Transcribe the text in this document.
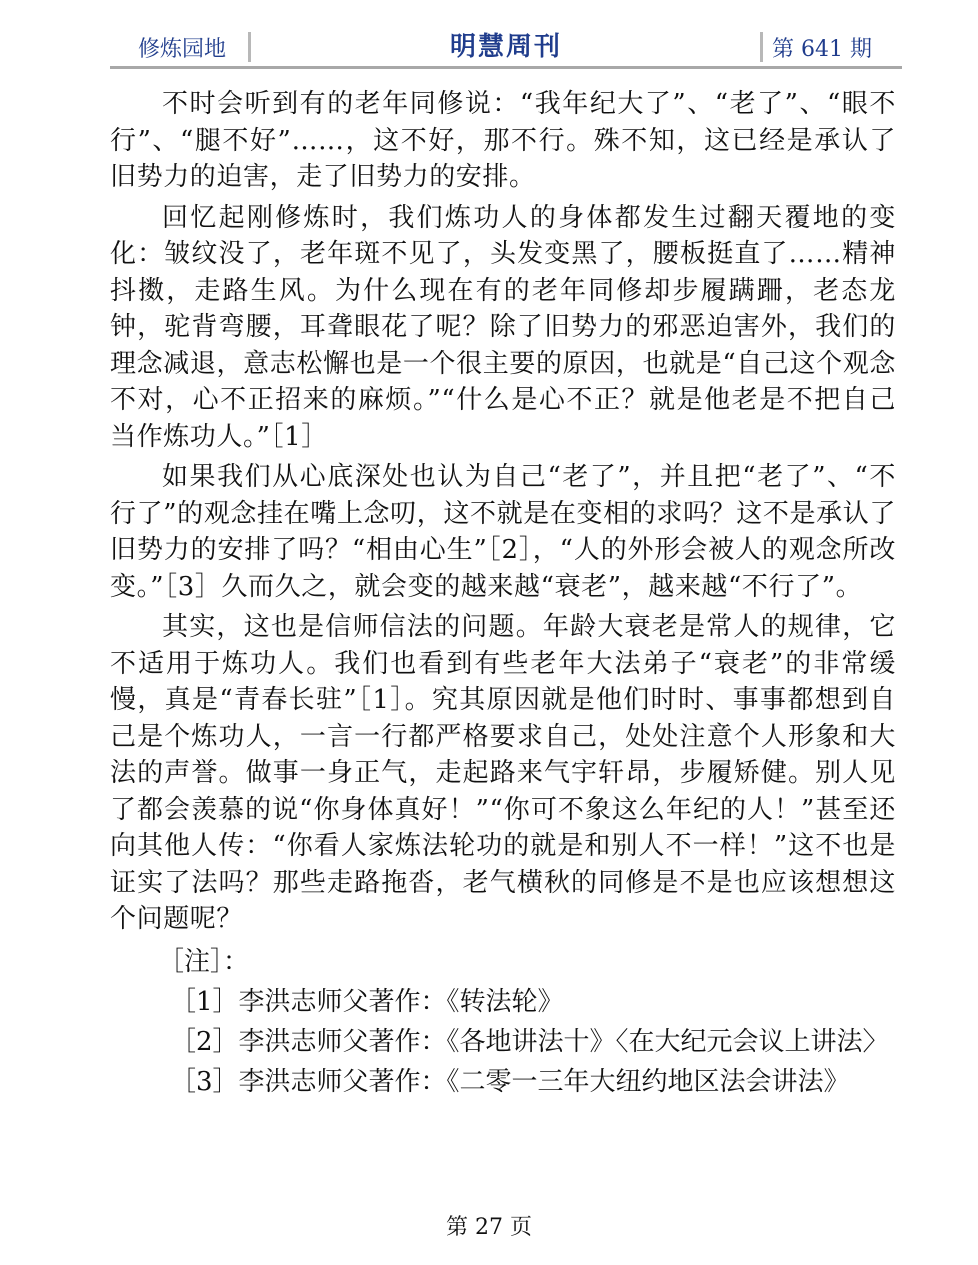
修炼园地	明慧周刊	第 641 期

不时会听到有的老年同修说：“我年纪大了”、“老了”、“眼不行”、“腿不好”……，这不好，那不行。殊不知，这已经是承认了旧势力的迫害，走了旧势力的安排。

回忆起刚修炼时，我们炼功人的身体都发生过翻天覆地的变化：皱纹没了，老年斑不见了，头发变黑了，腰板挺直了……精神抖擞，走路生风。为什么现在有的老年同修却步履蹒跚，老态龙钟，驼背弯腰，耳聋眼花了呢？除了旧势力的邪恶迫害外，我们的理念减退，意志松懈也是一个很主要的原因，也就是“自己这个观念不对，心不正招来的麻烦。”“什么是心不正？就是他老是不把自己当作炼功人。”［1］

如果我们从心底深处也认为自己“老了”，并且把“老了”、“不行了”的观念挂在嘴上念叨，这不就是在变相的求吗？这不是承认了旧势力的安排了吗？“相由心生”［2］，“人的外形会被人的观念所改变。”［3］久而久之，就会变的越来越“衰老”，越来越“不行了”。

其实，这也是信师信法的问题。年龄大衰老是常人的规律，它不适用于炼功人。我们也看到有些老年大法弟子“衰老”的非常缓慢，真是“青春长驻”［1］。究其原因就是他们时时、事事都想到自己是个炼功人，一言一行都严格要求自己，处处注意个人形象和大法的声誉。做事一身正气，走起路来气宇轩昂，步履矫健。别人见了都会羡慕的说“你身体真好！”“你可不象这么年纪的人！”甚至还向其他人传：“你看人家炼法轮功的就是和别人不一样！”这不也是证实了法吗？那些走路拖沓，老气横秋的同修是不是也应该想想这个问题呢？

［注］：
［1］李洪志师父著作：《转法轮》
［2］李洪志师父著作：《各地讲法十》〈在大纪元会议上讲法〉
［3］李洪志师父著作：《二零一三年大纽约地区法会讲法》
第 27 页
